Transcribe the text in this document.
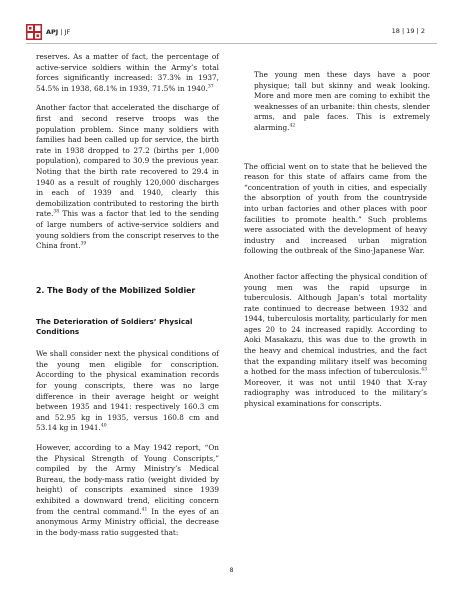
APJ | JF	18 | 19 | 2

reserves. As a matter of fact, the percentage of active-service soldiers within the Army’s total forces significantly increased: 37.3% in 1937, 54.5% in 1938, 68.1% in 1939, 71.5% in 1940.37

Another factor that accelerated the discharge of first and second reserve troops was the population problem. Since many soldiers with families had been called up for service, the birth rate in 1938 dropped to 27.2 (births per 1,000 population), compared to 30.9 the previous year. Noting that the birth rate recovered to 29.4 in 1940 as a result of roughly 120,000 discharges in each of 1939 and 1940, clearly this demobilization contributed to restoring the birth rate.$^{38}$ This was a factor that led to the sending of large numbers of active-service soldiers and young soldiers from the conscript reserves to the China front.$^{39}$

2. The Body of the Mobilized Soldier
The Deterioration of Soldiers’ Physical Conditions

We shall consider next the physical conditions of the young men eligible for conscription. According to the physical examination records for young conscripts, there was no large difference in their average height or weight between 1935 and 1941: respectively 160.3 cm and 52.95 kg in 1935, versus 160.8 cm and 53.14 kg in 1941.40

However, according to a May 1942 report, “On the Physical Strength of Young Conscripts,” compiled by the Army Ministry’s Medical Bureau, the body-mass ratio (weight divided by height) of conscripts examined since 1939 exhibited a downward trend, eliciting concern from the central command.$^{41}$ In the eyes of an anonymous Army Ministry official, the decrease in the body-mass ratio suggested that:

The young men these days have a poor physique; tall but skinny and weak looking. More and more men are coming to exhibit the weaknesses of an urbanite: thin chests, slender arms, and pale faces. This is extremely alarming.$^{42}$

The official went on to state that he believed the reason for this state of affairs came from the “concentration of youth in cities, and especially the absorption of youth from the countryside into urban factories and other places with poor facilities to promote health.” Such problems were associated with the development of heavy industry and increased urban migration following the outbreak of the Sino-Japanese War.

Another factor affecting the physical condition of young men was the rapid upsurge in tuberculosis. Although Japan’s total mortality rate continued to decrease between 1932 and 1944, tuberculosis mortality, particularly for men ages 20 to 24 increased rapidly. According to Aoki Masakazu, this was due to the growth in the heavy and chemical industries, and the fact that the expanding military itself was becoming a hotbed for the mass infection of tuberculosis.$^{43}$ Moreover, it was not until 1940 that X-ray radiography was introduced to the military’s physical examinations for conscripts.

8
